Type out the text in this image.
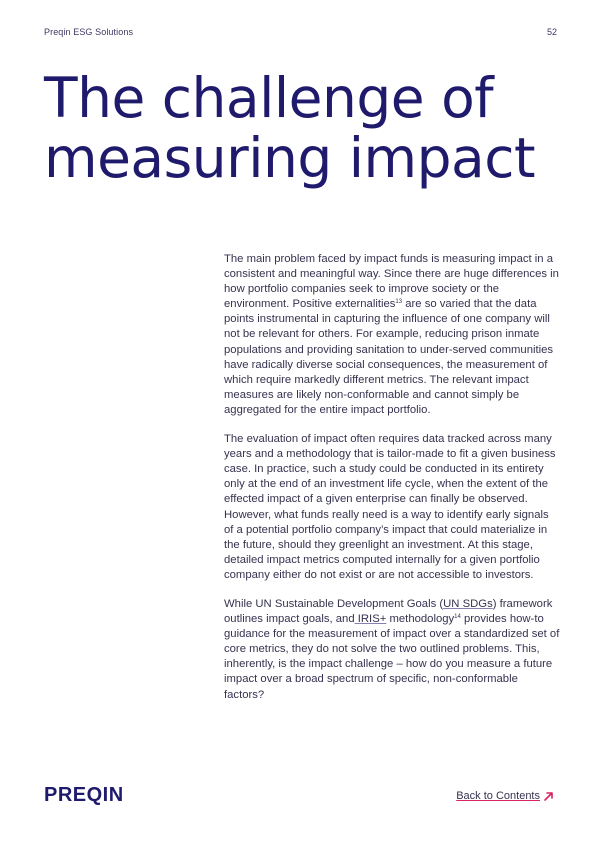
Preqin ESG Solutions	52
The challenge of
measuring impact

The main problem faced by impact funds is measuring impact in a consistent and meaningful way. Since there are huge differences in how portfolio companies seek to improve society or the environment. Positive externalities$^{13}$ are so varied that the data points instrumental in capturing the influence of one company will not be relevant for others. For example, reducing prison inmate populations and providing sanitation to under-served communities have radically diverse social consequences, the measurement of which require markedly different metrics. The relevant impact measures are likely non-conformable and cannot simply be aggregated for the entire impact portfolio.

The evaluation of impact often requires data tracked across many years and a methodology that is tailor-made to fit a given business case. In practice, such a study could be conducted in its entirety only at the end of an investment life cycle, when the extent of the effected impact of a given enterprise can finally be observed. However, what funds really need is a way to identify early signals of a potential portfolio company’s impact that could materialize in the future, should they greenlight an investment. At this stage, detailed impact metrics computed internally for a given portfolio company either do not exist or are not accessible to investors.

While UN Sustainable Development Goals (UN SDGs) framework outlines impact goals, and IRIS+ methodology$^{14}$ provides how-to guidance for the measurement of impact over a standardized set of core metrics, they do not solve the two outlined problems. This, inherently, is the impact challenge – how do you measure a future impact over a broad spectrum of specific, non-conformable factors?

PREQIN	Back to Contents
